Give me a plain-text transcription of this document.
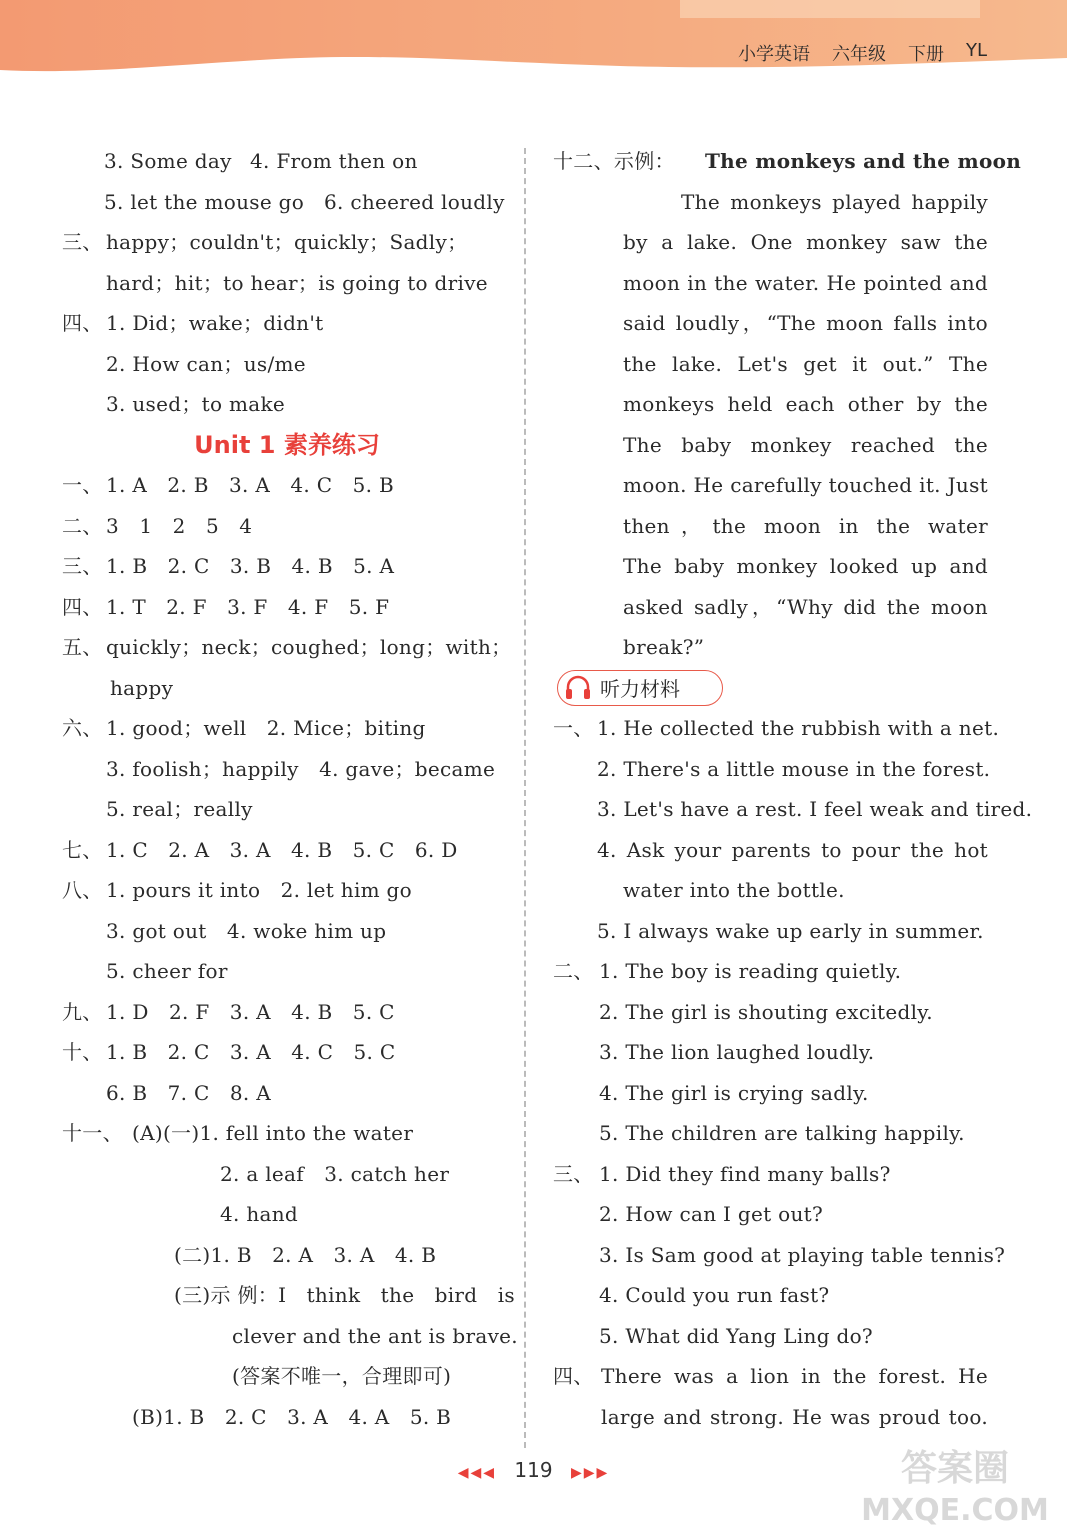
小学英语 六年级 下册 YL
3. Some day 4. From then on
5. let the mouse go 6. cheered loudly
三、 happy；couldn't；quickly；Sadly；
hard；hit；to hear；is going to drive
四、 1. Did；wake；didn't
2. How can；us/me
3. used；to make
Unit 1 素养练习
一、 1. A　2. B　3. A　4. C　5. B
二、 3　1　2　5　4
三、 1. B　2. C　3. B　4. B　5. A
四、 1. T　2. F　3. F　4. F　5. F
五、 quickly；neck；coughed；long；with；
happy
六、 1. good；well　2. Mice；biting
3. foolish；happily　4. gave；became
5. real；really
七、 1. C　2. A　3. A　4. B　5. C　6. D
八、 1. pours it into　2. let him go
3. got out　4. woke him up
5. cheer for
九、 1. D　2. F　3. A　4. B　5. C
十、 1. B　2. C　3. A　4. C　5. C
6. B　7. C　8. A
十一、 (A)(一)1. fell into the water
2. a leaf　3. catch her
4. hand
(二)1. B　2. A　3. A　4. B
(三)示 例：I　think　the　bird　is
clever and the ant is brave.
(答案不唯一，合理即可)
(B)1. B　2. C　3. A　4. A　5. B
十二、示例： The monkeys and the moon
The monkeys played happily
by a lake. One monkey saw the
moon in the water. He pointed and
said loudly，“The moon falls into
the lake. Let's get it out.” The
monkeys held each other by the
The baby monkey reached the
moon. He carefully touched it. Just
then，the moon in the water
The baby monkey looked up and
asked sadly，“Why did the moon
break?”
听力材料
一、 1. He collected the rubbish with a net.
2. There's a little mouse in the forest.
3. Let's have a rest. I feel weak and tired.
4. Ask your parents to pour the hot
water into the bottle.
5. I always wake up early in summer.
二、 1. The boy is reading quietly.
2. The girl is shouting excitedly.
3. The lion laughed loudly.
4. The girl is crying sadly.
5. The children are talking happily.
三、 1. Did they find many balls?
2. How can I get out?
3. Is Sam good at playing table tennis?
4. Could you run fast?
5. What did Yang Ling do?
四、 There was a lion in the forest. He
large and strong. He was proud too.
◀◀◀ 119 ▶▶▶	答案圈
MXQE.COM
